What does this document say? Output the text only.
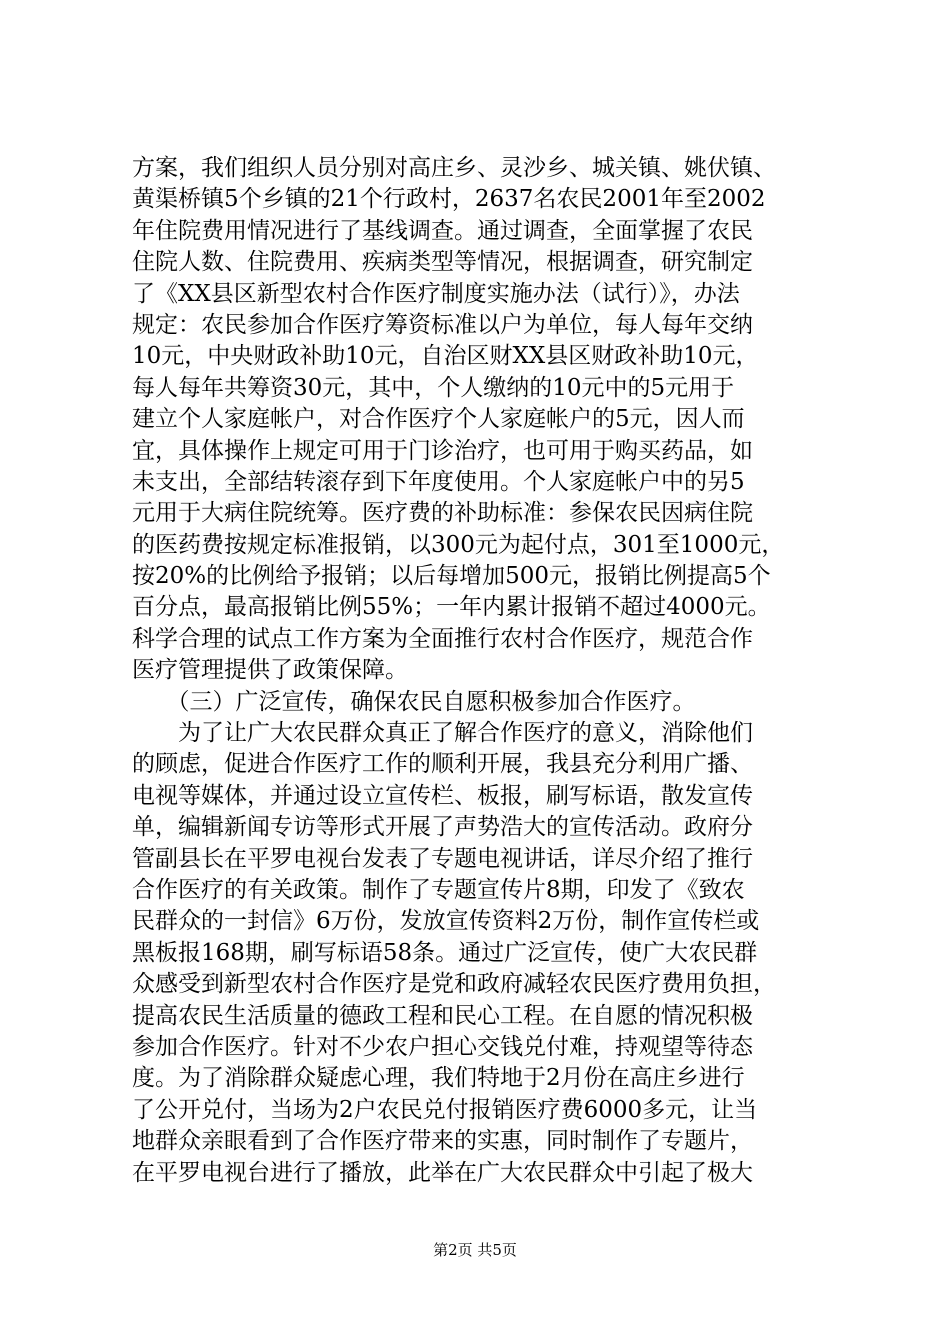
方案，我们组织人员分别对高庄乡、灵沙乡、城关镇、姚伏镇、
黄渠桥镇5个乡镇的21个行政村，2637名农民2001年至2002
年住院费用情况进行了基线调查。通过调查，全面掌握了农民
住院人数、住院费用、疾病类型等情况，根据调查，研究制定
了《XX县区新型农村合作医疗制度实施办法（试行）》，办法
规定：农民参加合作医疗筹资标准以户为单位，每人每年交纳
10元，中央财政补助10元，自治区财XX县区财政补助10元，
每人每年共筹资30元，其中，个人缴纳的10元中的5元用于
建立个人家庭帐户，对合作医疗个人家庭帐户的5元，因人而
宜，具体操作上规定可用于门诊治疗，也可用于购买药品，如
未支出，全部结转滚存到下年度使用。个人家庭帐户中的另5
元用于大病住院统筹。医疗费的补助标准：参保农民因病住院
的医药费按规定标准报销，以300元为起付点，301至1000元，
按20%的比例给予报销；以后每增加500元，报销比例提高5个
百分点，最高报销比例55%；一年内累计报销不超过4000元。
科学合理的试点工作方案为全面推行农村合作医疗，规范合作
医疗管理提供了政策保障。
　　（三）广泛宣传，确保农民自愿积极参加合作医疗。
　　为了让广大农民群众真正了解合作医疗的意义，消除他们
的顾虑，促进合作医疗工作的顺利开展，我县充分利用广播、
电视等媒体，并通过设立宣传栏、板报，刷写标语，散发宣传
单，编辑新闻专访等形式开展了声势浩大的宣传活动。政府分
管副县长在平罗电视台发表了专题电视讲话，详尽介绍了推行
合作医疗的有关政策。制作了专题宣传片8期，印发了《致农
民群众的一封信》6万份，发放宣传资料2万份，制作宣传栏或
黑板报168期，刷写标语58条。通过广泛宣传，使广大农民群
众感受到新型农村合作医疗是党和政府减轻农民医疗费用负担，
提高农民生活质量的德政工程和民心工程。在自愿的情况积极
参加合作医疗。针对不少农户担心交钱兑付难，持观望等待态
度。为了消除群众疑虑心理，我们特地于2月份在高庄乡进行
了公开兑付，当场为2户农民兑付报销医疗费6000多元，让当
地群众亲眼看到了合作医疗带来的实惠，同时制作了专题片，
在平罗电视台进行了播放，此举在广大农民群众中引起了极大
第2页 共5页
